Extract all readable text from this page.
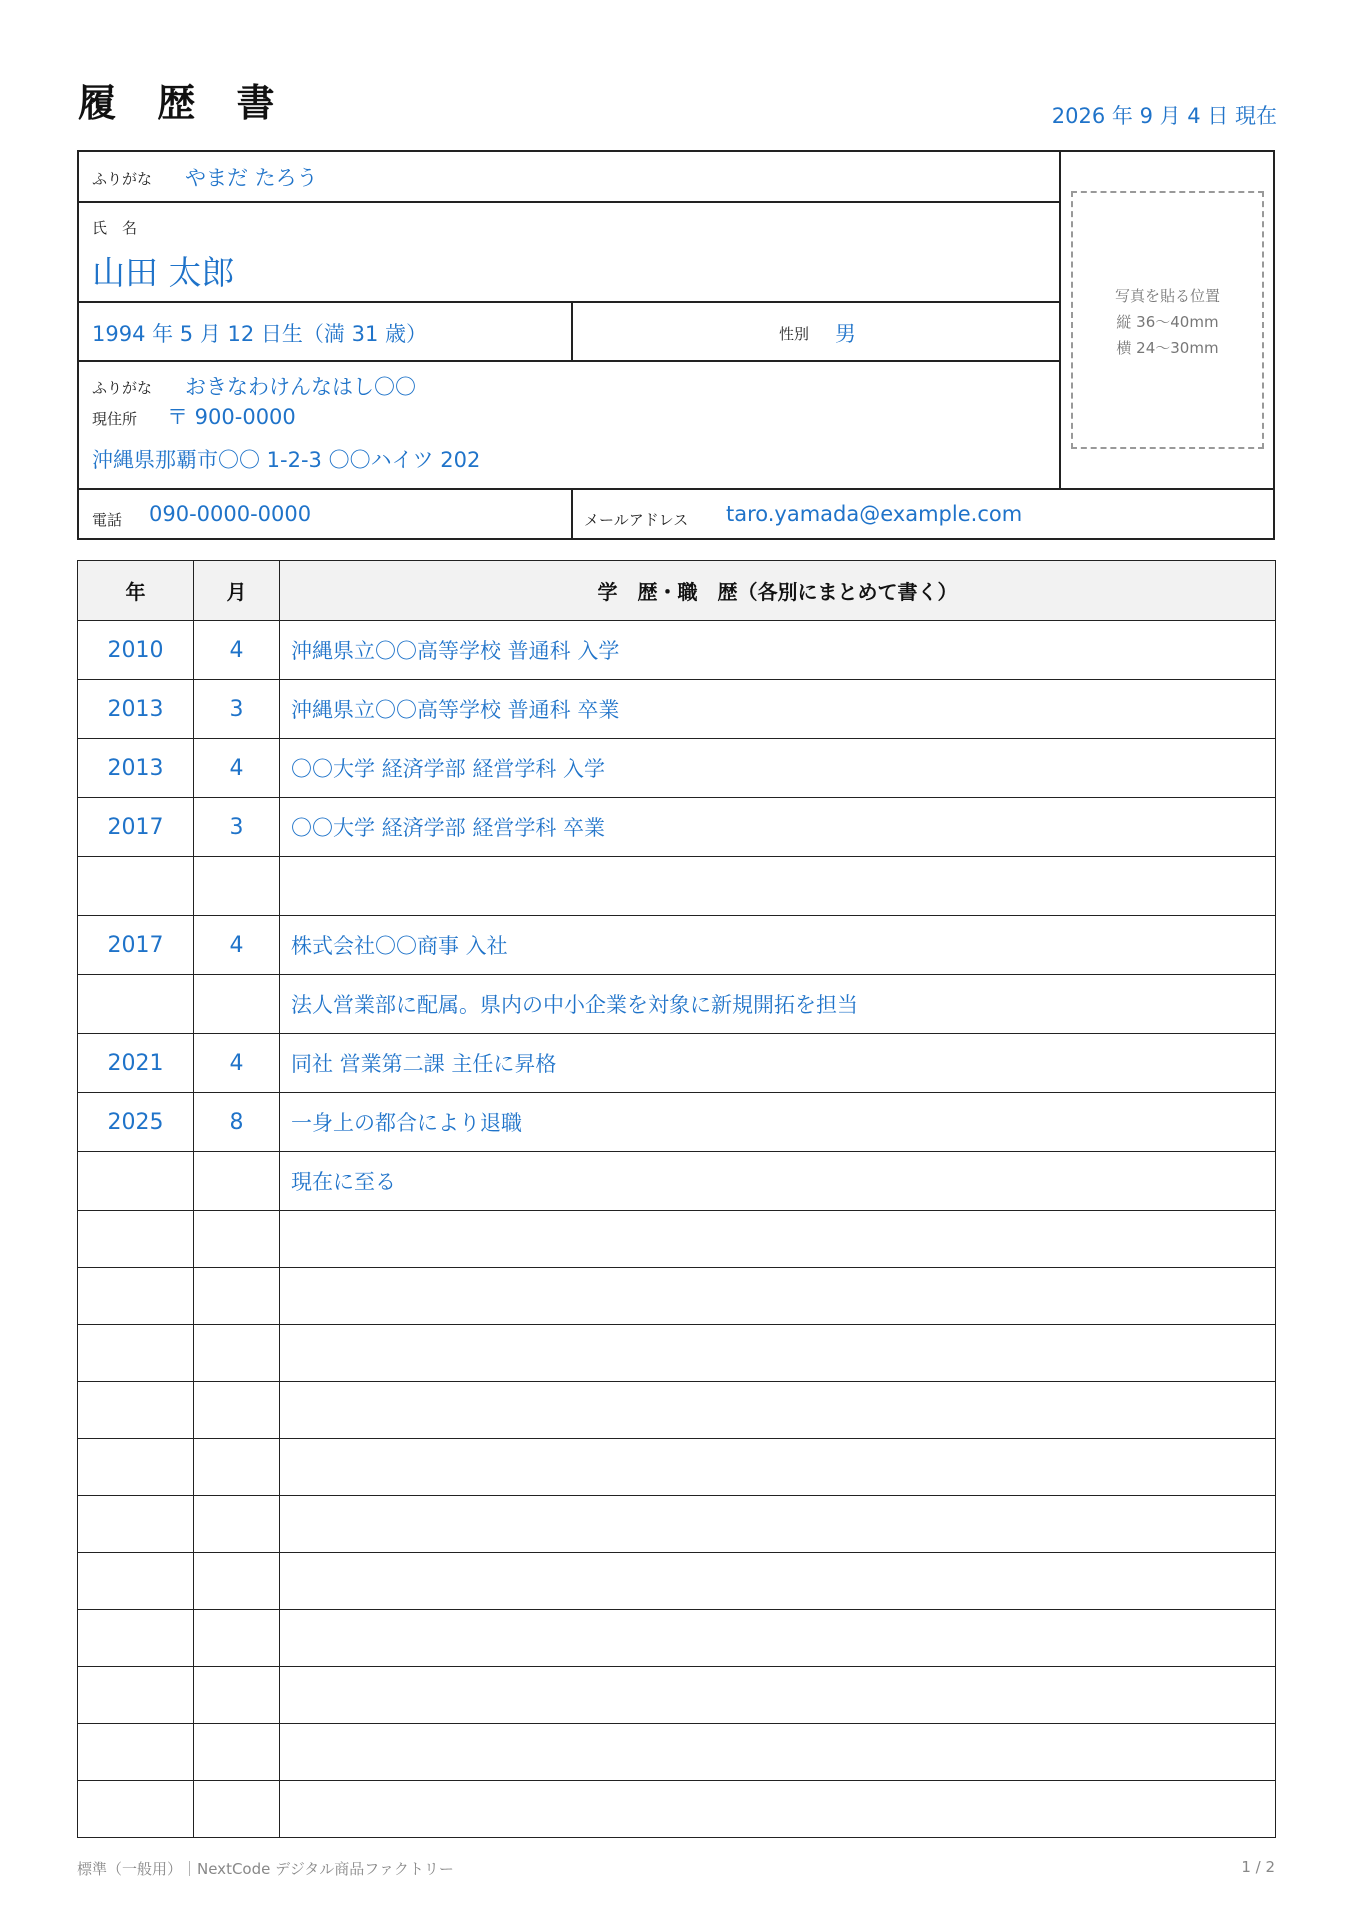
履 歴 書	2026 年 9 月 4 日 現在
ふりがな やまだ たろう
氏　名
山田 太郎
1994 年 5 月 12 日生（満 31 歳）	性別 男
ふりがな おきなわけんなはし〇〇
現住所 〒 900-0000
沖縄県那覇市〇〇 1-2-3 〇〇ハイツ 202
電話 090-0000-0000	メールアドレス taro.yamada@example.com
写真を貼る位置
縦 36〜40mm
横 24〜30mm
年	月	学　歴・職　歴（各別にまとめて書く）
2010	4	沖縄県立〇〇高等学校 普通科 入学
2013	3	沖縄県立〇〇高等学校 普通科 卒業
2013	4	〇〇大学 経済学部 経営学科 入学
2017	3	〇〇大学 経済学部 経営学科 卒業

2017	4	株式会社〇〇商事 入社
		法人営業部に配属。県内の中小企業を対象に新規開拓を担当
2021	4	同社 営業第二課 主任に昇格
2025	8	一身上の都合により退職
		現在に至る

標準（一般用）｜NextCode デジタル商品ファクトリー	1 / 2
